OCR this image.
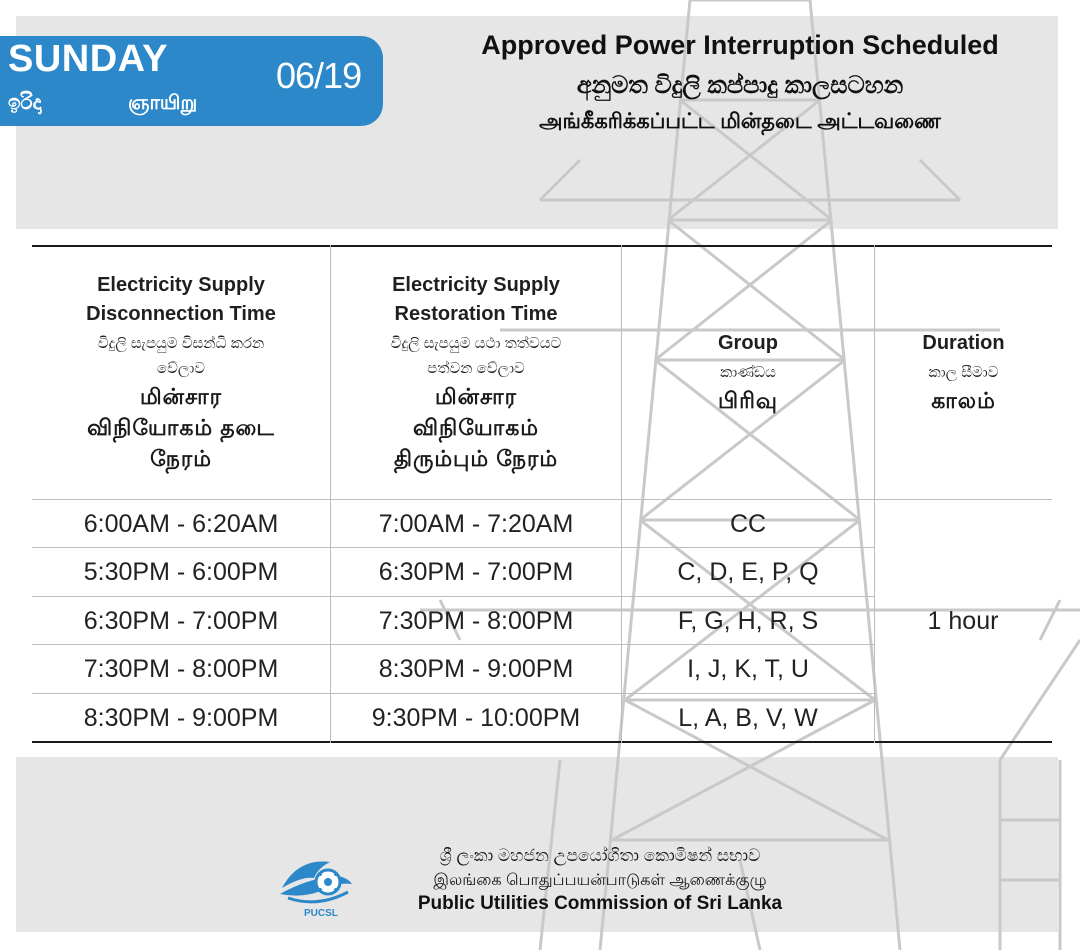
SUNDAY
ඉරිදා	ஞாயிறு
06/19
Approved Power Interruption Scheduled
අනුමත විදුලි කප්පාදු කාලසටහන
அங்கீகரிக்கப்பட்ட மின்தடை அட்டவணை
Electricity Supply
Disconnection Time
විදුලි සැපයුම විසන්ධි කරන
වේලාව
மின்சார
விநியோகம் தடை
நேரம்
Electricity Supply
Restoration Time
විදුලි සැපයුම යථා තත්වයට
පත්වන වේලාව
மின்சார
விநியோகம்
திரும்பும் நேரம்
Group
කාණ්ඩය
பிரிவு
Duration
කාල සීමාව
காலம்
6:00AM - 6:20AM	7:00AM - 7:20AM	CC
5:30PM - 6:00PM	6:30PM - 7:00PM	C, D, E, P, Q
6:30PM - 7:00PM	7:30PM - 8:00PM	F, G, H, R, S
7:30PM - 8:00PM	8:30PM - 9:00PM	I, J, K, T, U
8:30PM - 9:00PM	9:30PM - 10:00PM	L, A, B, V, W
1 hour
PUCSL
ශ්‍රී ලංකා මහජන උපයෝගිතා කොමිෂන් සභාව
இலங்கை பொதுப்பயன்பாடுகள் ஆணைக்குழு
Public Utilities Commission of Sri Lanka
